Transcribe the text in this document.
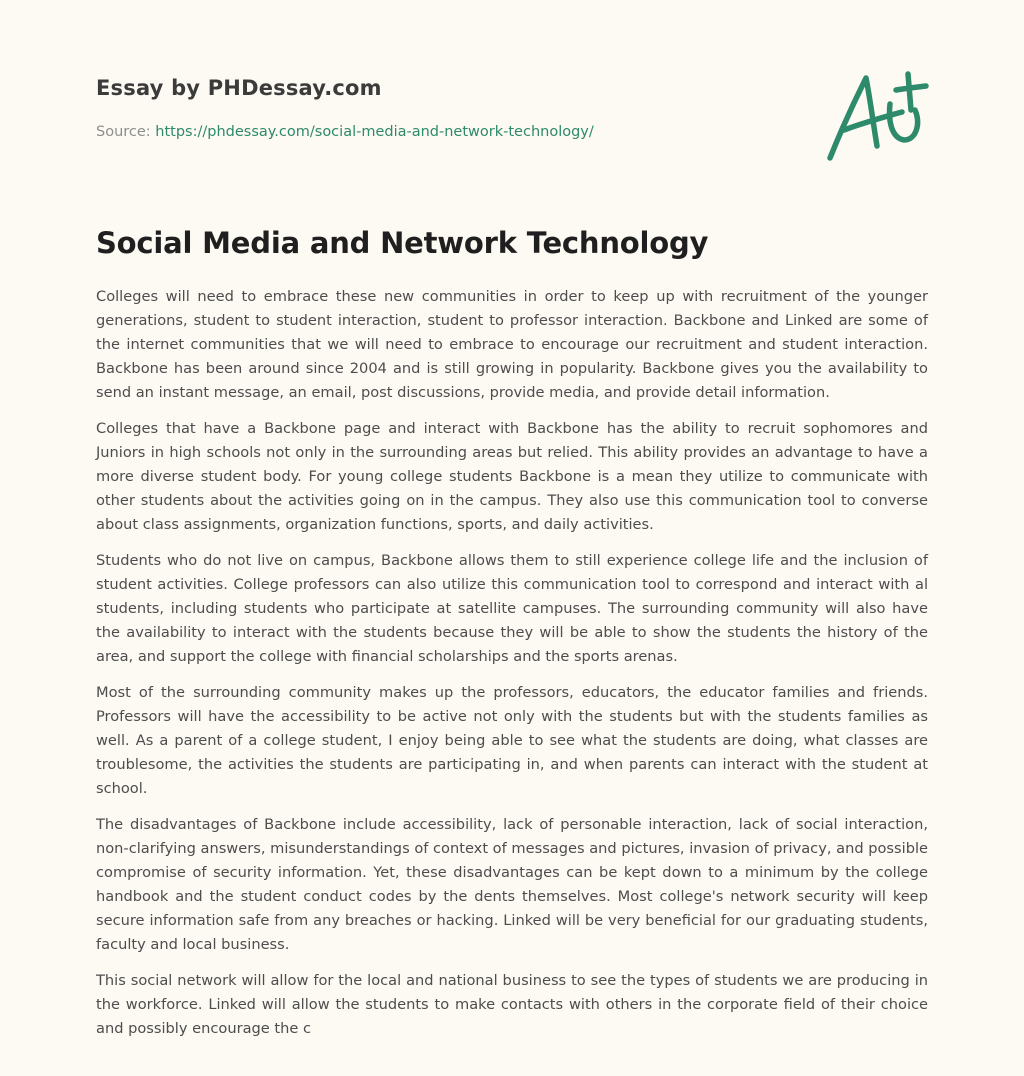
Essay by PHDessay.com
Source: https://phdessay.com/social-media-and-network-technology/
Social Media and Network Technology

Colleges will need to embrace these new communities in order to keep up with recruitment of the younger generations, student to student interaction, student to professor interaction. Backbone and Linked are some of the internet communities that we will need to embrace to encourage our recruitment and student interaction. Backbone has been around since 2004 and is still growing in popularity. Backbone gives you the availability to send an instant message, an email, post discussions, provide media, and provide detail information.

Colleges that have a Backbone page and interact with Backbone has the ability to recruit sophomores and Juniors in high schools not only in the surrounding areas but relied. This ability provides an advantage to have a more diverse student body. For young college students Backbone is a mean they utilize to communicate with other students about the activities going on in the campus. They also use this communication tool to converse about class assignments, organization functions, sports, and daily activities.

Students who do not live on campus, Backbone allows them to still experience college life and the inclusion of student activities. College professors can also utilize this communication tool to correspond and interact with al students, including students who participate at satellite campuses. The surrounding community will also have the availability to interact with the students because they will be able to show the students the history of the area, and support the college with financial scholarships and the sports arenas.

Most of the surrounding community makes up the professors, educators, the educator families and friends. Professors will have the accessibility to be active not only with the students but with the students families as well. As a parent of a college student, I enjoy being able to see what the students are doing, what classes are troublesome, the activities the students are participating in, and when parents can interact with the student at school.

The disadvantages of Backbone include accessibility, lack of personable interaction, lack of social interaction, non-clarifying answers, misunderstandings of context of messages and pictures, invasion of privacy, and possible compromise of security information. Yet, these disadvantages can be kept down to a minimum by the college handbook and the student conduct codes by the dents themselves. Most college's network security will keep secure information safe from any breaches or hacking. Linked will be very beneficial for our graduating students, faculty and local business.

This social network will allow for the local and national business to see the types of students we are producing in the workforce. Linked will allow the students to make contacts with others in the corporate field of their choice and possibly encourage the c
